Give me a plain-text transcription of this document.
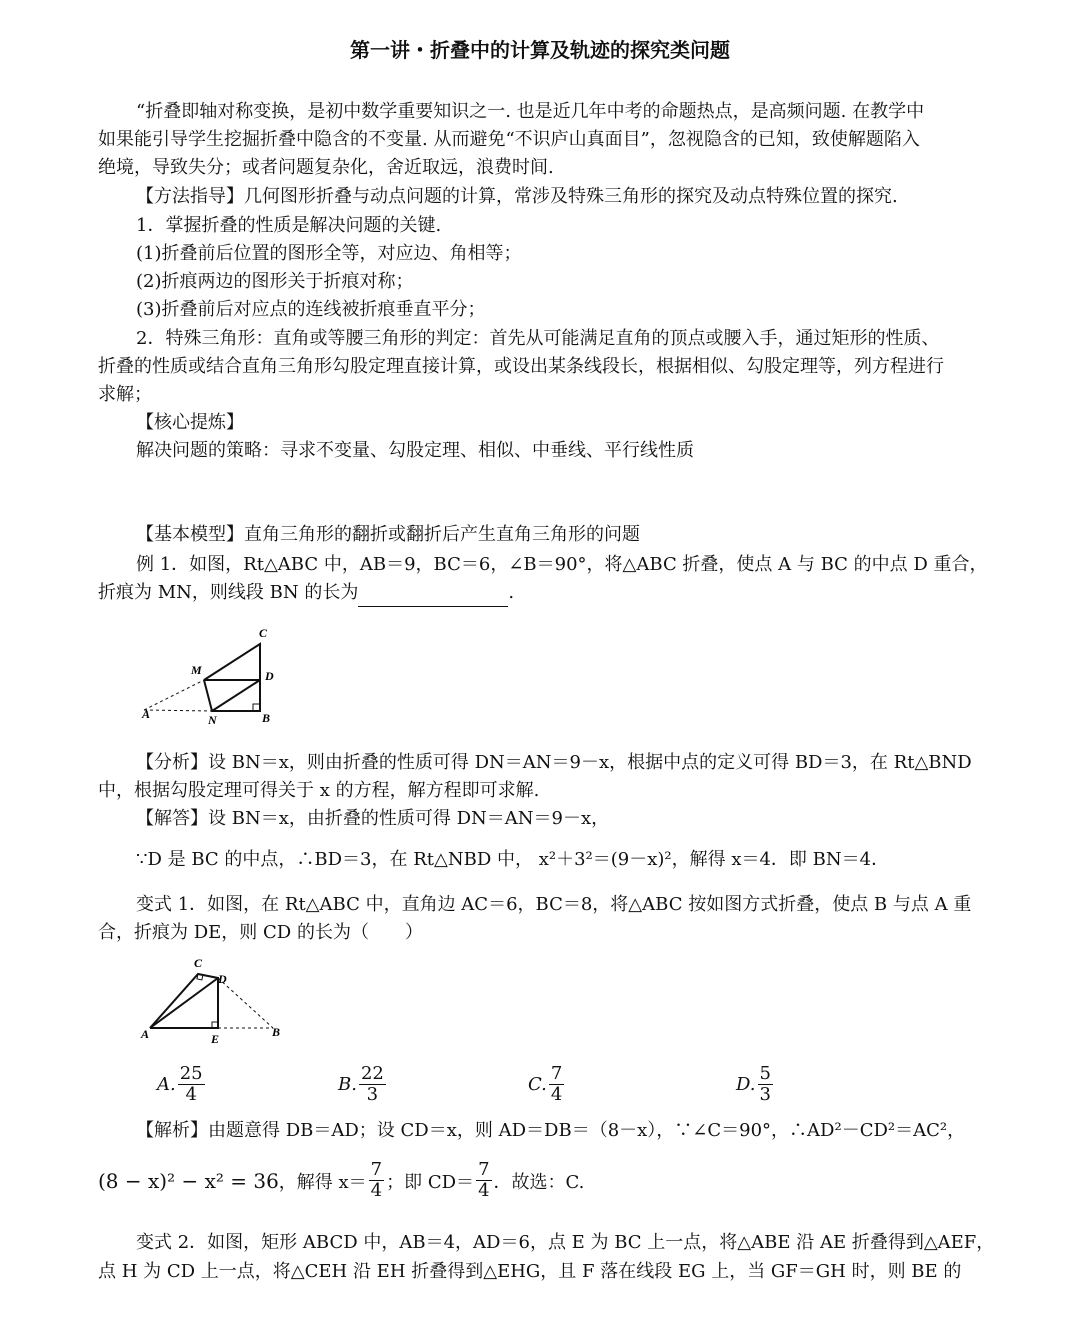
第一讲・折叠中的计算及轨迹的探究类问题
“折叠即轴对称变换，是初中数学重要知识之一. 也是近几年中考的命题热点，是高频问题. 在教学中
如果能引导学生挖掘折叠中隐含的不变量. 从而避免“不识庐山真面目”，忽视隐含的已知，致使解题陷入
绝境，导致失分；或者问题复杂化，舍近取远，浪费时间.
【方法指导】几何图形折叠与动点问题的计算，常涉及特殊三角形的探究及动点特殊位置的探究.
1．掌握折叠的性质是解决问题的关键.
(1)折叠前后位置的图形全等，对应边、角相等；
(2)折痕两边的图形关于折痕对称；
(3)折叠前后对应点的连线被折痕垂直平分；
2．特殊三角形：直角或等腰三角形的判定：首先从可能满足直角的顶点或腰入手，通过矩形的性质、
折叠的性质或结合直角三角形勾股定理直接计算，或设出某条线段长，根据相似、勾股定理等，列方程进行
求解；
【核心提炼】
解决问题的策略：寻求不变量、勾股定理、相似、中垂线、平行线性质
【基本模型】直角三角形的翻折或翻折后产生直角三角形的问题
例 1．如图，Rt△ABC 中，AB＝9，BC＝6，∠B＝90°，将△ABC 折叠，使点 A 与 BC 的中点 D 重合，
折痕为 MN，则线段 BN 的长为	.
C
M	D
A	N	B
【分析】设 BN＝x，则由折叠的性质可得 DN＝AN＝9－x，根据中点的定义可得 BD＝3，在 Rt△BND
中，根据勾股定理可得关于 x 的方程，解方程即可求解.
【解答】设 BN＝x，由折叠的性质可得 DN＝AN＝9－x，
∵D 是 BC 的中点，∴BD＝3，在 Rt△NBD 中， x²＋3²＝(9－x)²，解得 x＝4．即 BN＝4．
变式 1．如图，在 Rt△ABC 中，直角边 AC＝6，BC＝8，将△ABC 按如图方式折叠，使点 B 与点 A 重
合，折痕为 DE，则 CD 的长为（　　）
C
D
A	E	B
A. $\frac{25}{4}$	B. $\frac{22}{3}$	C. $\frac{7}{4}$	D. $\frac{5}{3}$
【解析】由题意得 DB＝AD；设 CD＝x，则 AD＝DB＝（8－x），∵∠C＝90°，∴AD²－CD²＝AC²，
(8 − x)² − x² = 36 ，解得 $x= \frac{7}{4}$ ；即 $CD= \frac{7}{4}$ ．故选：C.
变式 2．如图，矩形 ABCD 中，AB＝4，AD＝6，点 E 为 BC 上一点，将△ABE 沿 AE 折叠得到△AEF，
点 H 为 CD 上一点，将△CEH 沿 EH 折叠得到△EHG，且 F 落在线段 EG 上，当 GF＝GH 时，则 BE 的
